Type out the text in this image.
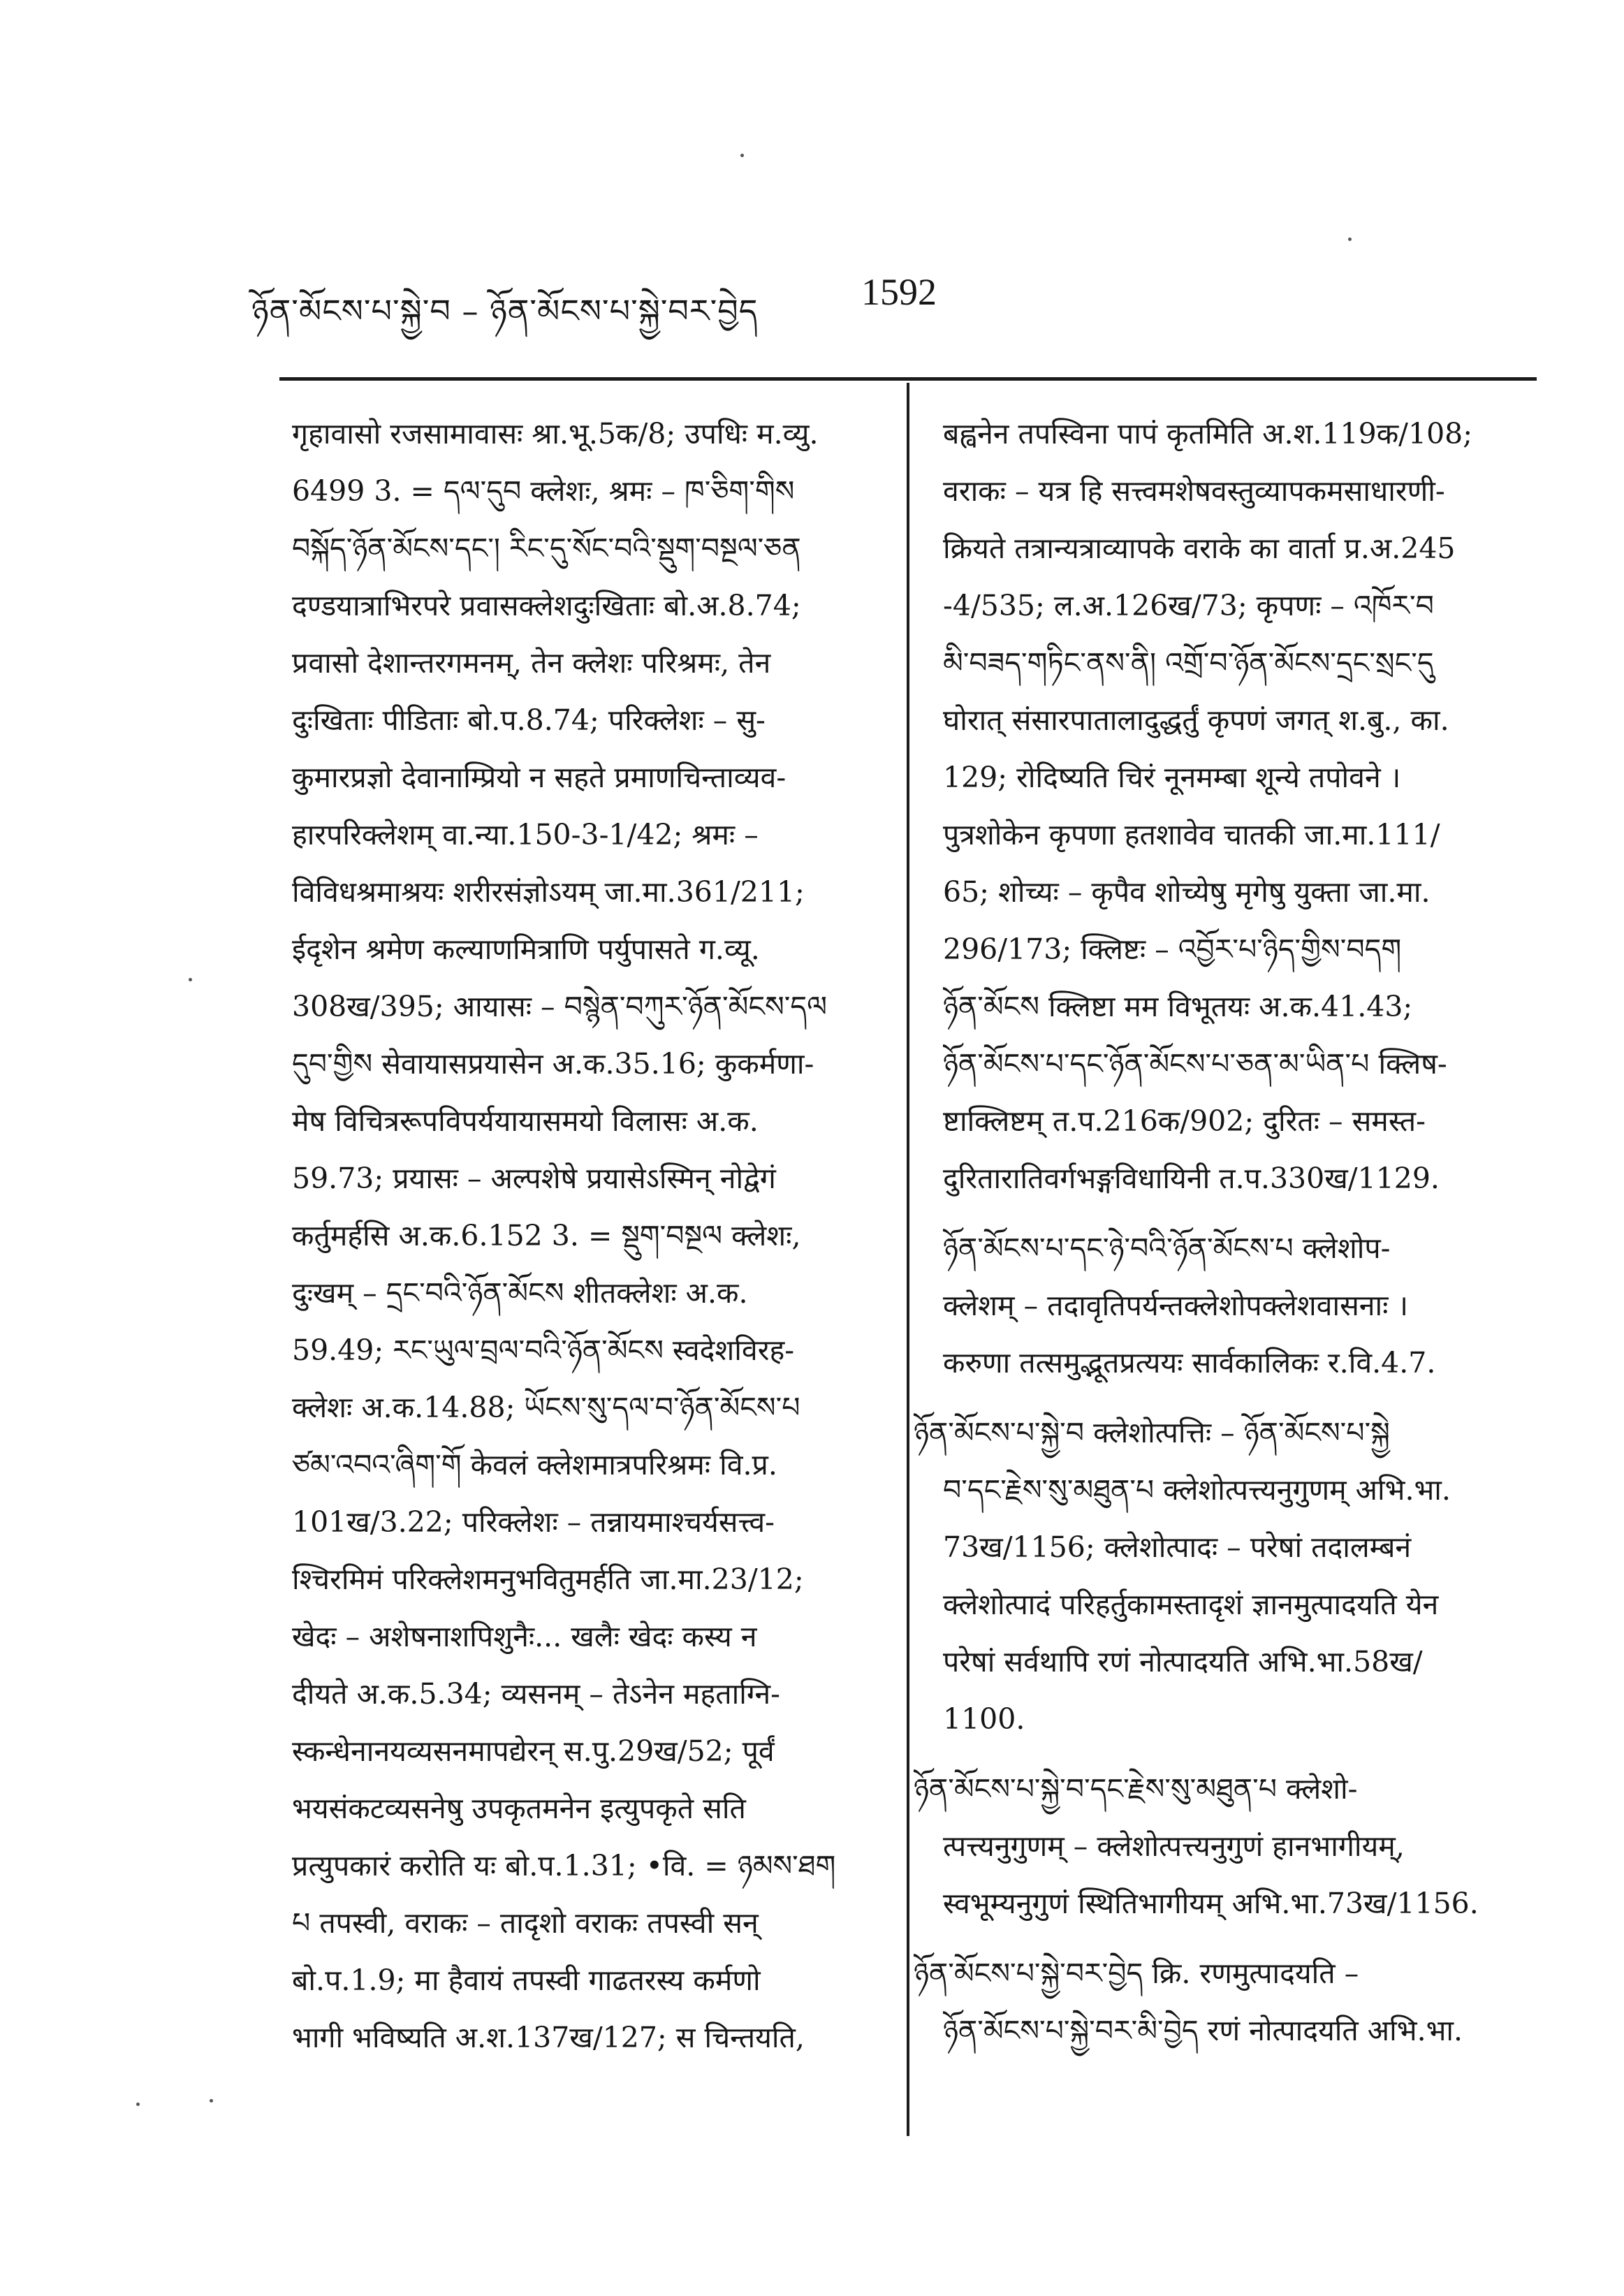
ཉོན་མོངས་པ་སྐྱེ་བ – ཉོན་མོངས་པ་སྐྱེ་བར་བྱེད	1592
गृहावासो रजसामावासः श्रा.भू.5क/8; उपधिः म.व्यु.
6499 3. = དལ་དུབ क्लेशः, श्रमः – ཁ་ཅིག་གིས
བསྐོད་ཉོན་མོངས་དང་། རིང་དུ་སོང་བའི་སྡུག་བསྔལ་ཅན
दण्डयात्राभिरपरे प्रवासक्लेशदुःखिताः बो.अ.8.74;
प्रवासो देशान्तरगमनम्, तेन क्लेशः परिश्रमः, तेन
दुःखिताः पीडिताः बो.प.8.74; परिक्लेशः – सु-
कुमारप्रज्ञो देवानाम्प्रियो न सहते प्रमाणचिन्ताव्यव-
हारपरिक्लेशम् वा.न्या.150-3-1/42; श्रमः –
विविधश्रमाश्रयः शरीरसंज्ञोऽयम् जा.मा.361/211;
ईदृशेन श्रमेण कल्याणमित्राणि पर्युपासते ग.व्यू.
308ख/395; आयासः – བསྙེན་བཀུར་ཉོན་མོངས་དལ
དུབ་གྱིས सेवायासप्रयासेन अ.क.35.16; कुकर्मणा-
मेष विचित्ररूपविपर्ययायासमयो विलासः अ.क.
59.73; प्रयासः – अल्पशेषे प्रयासेऽस्मिन् नोद्वेगं
कर्तुमर्हसि अ.क.6.152 3. = སྡུག་བསྔལ क्लेशः,
दुःखम् – དྲང་བའི་ཉོན་མོངས शीतक्लेशः अ.क.
59.49; རང་ཡུལ་བྲལ་བའི་ཉོན་མོངས स्वदेशविरह-
क्लेशः अ.क.14.88; ཡོངས་སུ་དལ་བ་ཉོན་མོངས་པ
ཙམ་འབའ་ཞིག་གོ केवलं क्लेशमात्रपरिश्रमः वि.प्र.
101ख/3.22; परिक्लेशः – तन्नायमाश्चर्यसत्त्व-
श्चिरमिमं परिक्लेशमनुभवितुमर्हति जा.मा.23/12;
खेदः – अशेषनाशपिशुनैः... खलैः खेदः कस्य न
दीयते अ.क.5.34; व्यसनम् – तेऽनेन महताग्नि-
स्कन्धेनानयव्यसनमापद्येरन् स.पु.29ख/52; पूर्वं
भयसंकटव्यसनेषु उपकृतमनेन इत्युपकृते सति
प्रत्युपकारं करोति यः बो.प.1.31; •वि. = ཉམས་ཐག
པ तपस्वी, वराकः – तादृशो वराकः तपस्वी सन्
बो.प.1.9; मा हैवायं तपस्वी गाढतरस्य कर्मणो
भागी भविष्यति अ.श.137ख/127; स चिन्तयति,
बह्वनेन तपस्विना पापं कृतमिति अ.श.119क/108;
वराकः – यत्र हि सत्त्वमशेषवस्तुव्यापकमसाधारणी-
क्रियते तत्रान्यत्राव्यापके वराके का वार्ता प्र.अ.245
-4/535; ल.अ.126ख/73; कृपणः – འཁོར་བ
མི་བཟད་གཏིང་ནས་ནི། འགྲོ་བ་ཉོན་མོངས་དྲང་སྲང་དུ
घोरात् संसारपातालादुद्धर्तुं कृपणं जगत् श.बु., का.
129; रोदिष्यति चिरं नूनमम्बा शून्ये तपोवने ।
पुत्रशोकेन कृपणा हतशावेव चातकी जा.मा.111/
65; शोच्यः – कृपैव शोच्येषु मृगेषु युक्ता जा.मा.
296/173; क्लिष्टः – འབྱོར་པ་ཉིད་གྱིས་བདག
ཉོན་མོངས क्लिष्टा मम विभूतयः अ.क.41.43;
ཉོན་མོངས་པ་དང་ཉོན་མོངས་པ་ཅན་མ་ཡིན་པ क्लिष-
ष्टाक्लिष्टम् त.प.216क/902; दुरितः – समस्त-
दुरितारातिवर्गभङ्गविधायिनी त.प.330ख/1129.
ཉོན་མོངས་པ་དང་ཉེ་བའི་ཉོན་མོངས་པ क्लेशोप-
क्लेशम् – तदावृतिपर्यन्तक्लेशोपक्लेशवासनाः ।
करुणा तत्समुद्भूतप्रत्ययः सार्वकालिकः र.वि.4.7.
ཉོན་མོངས་པ་སྐྱེ་བ क्लेशोत्पत्तिः – ཉོན་མོངས་པ་སྐྱེ
བ་དང་རྗེས་སུ་མཐུན་པ क्लेशोत्पत्त्यनुगुणम् अभि.भा.
73ख/1156; क्लेशोत्पादः – परेषां तदालम्बनं
क्लेशोत्पादं परिहर्तुकामस्तादृशं ज्ञानमुत्पादयति येन
परेषां सर्वथापि रणं नोत्पादयति अभि.भा.58ख/
1100.
ཉོན་མོངས་པ་སྐྱེ་བ་དང་རྗེས་སུ་མཐུན་པ क्लेशो-
त्पत्त्यनुगुणम् – क्लेशोत्पत्त्यनुगुणं हानभागीयम्,
स्वभूम्यनुगुणं स्थितिभागीयम् अभि.भा.73ख/1156.
ཉོན་མོངས་པ་སྐྱེ་བར་བྱེད क्रि. रणमुत्पादयति –
ཉོན་མོངས་པ་སྐྱེ་བར་མི་བྱེད रणं नोत्पादयति अभि.भा.
